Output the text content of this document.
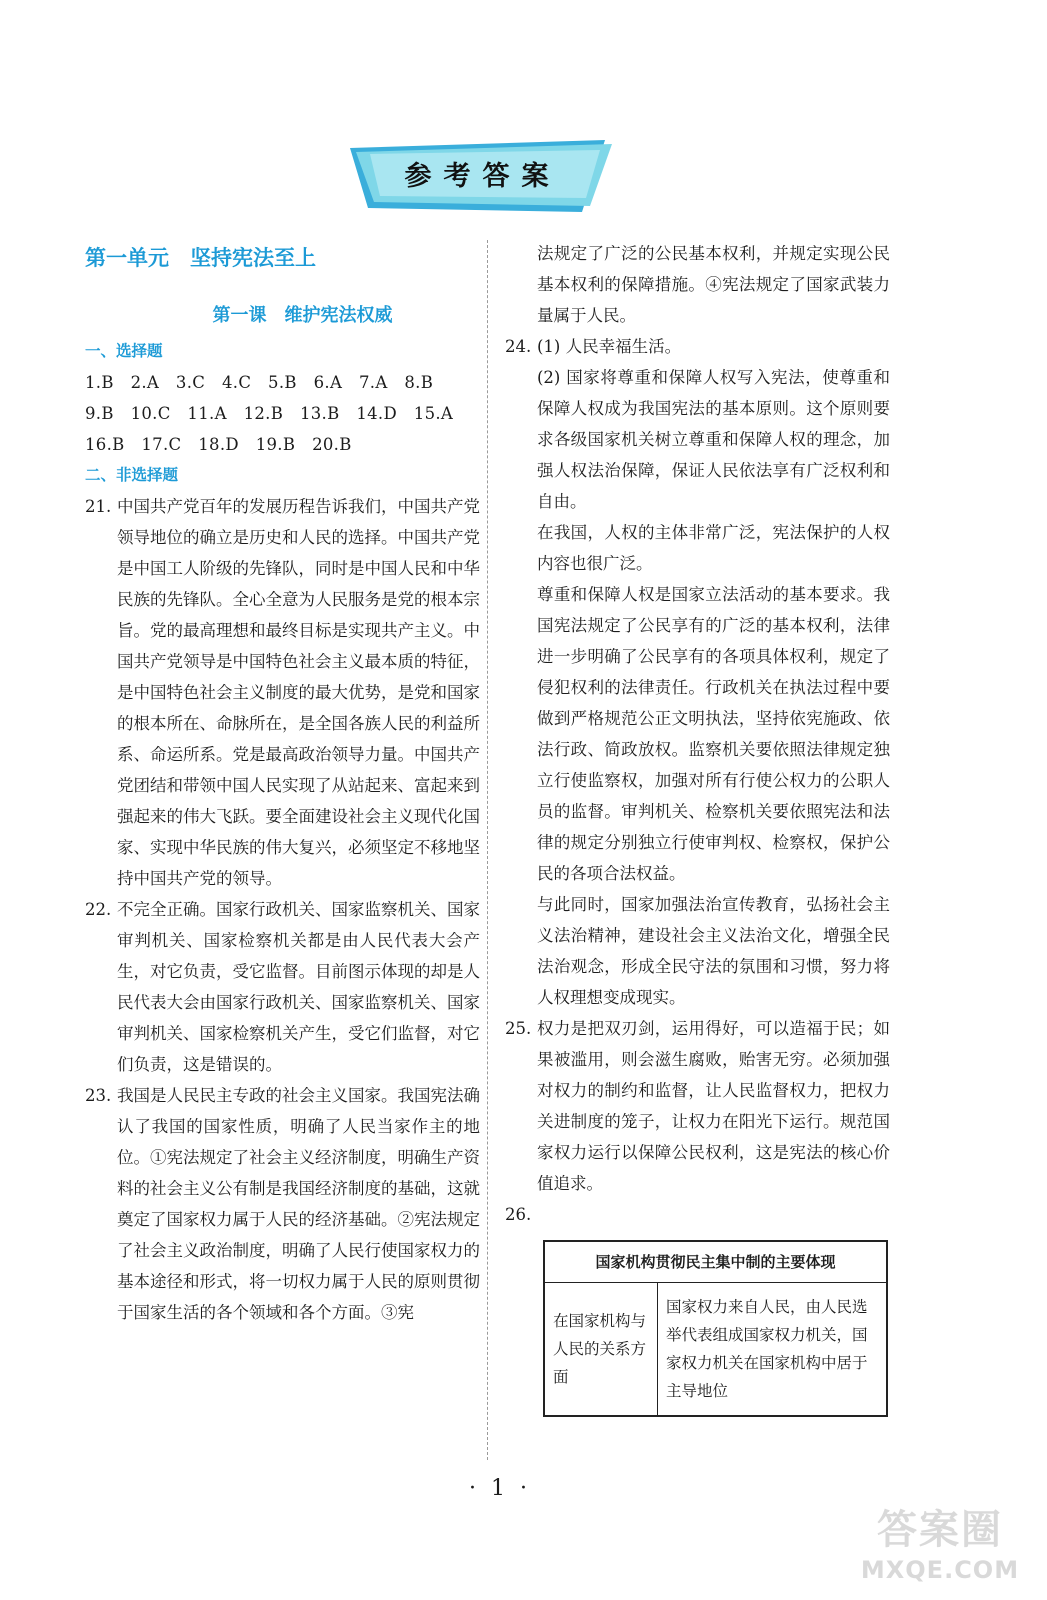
参考答案
第一单元　坚持宪法至上
第一课　维护宪法权威
一、选择题
1.B　2.A　3.C　4.C　5.B　6.A　7.A　8.B
9.B　10.C　11.A　12.B　13.B　14.D　15.A
16.B　17.C　18.D　19.B　20.B
二、非选择题
21. 中国共产党百年的发展历程告诉我们，中国共产党领导地位的确立是历史和人民的选择。中国共产党是中国工人阶级的先锋队，同时是中国人民和中华民族的先锋队。全心全意为人民服务是党的根本宗旨。党的最高理想和最终目标是实现共产主义。中国共产党领导是中国特色社会主义最本质的特征，是中国特色社会主义制度的最大优势，是党和国家的根本所在、命脉所在，是全国各族人民的利益所系、命运所系。党是最高政治领导力量。中国共产党团结和带领中国人民实现了从站起来、富起来到强起来的伟大飞跃。要全面建设社会主义现代化国家、实现中华民族的伟大复兴，必须坚定不移地坚持中国共产党的领导。

22. 不完全正确。国家行政机关、国家监察机关、国家审判机关、国家检察机关都是由人民代表大会产生，对它负责，受它监督。目前图示体现的却是人民代表大会由国家行政机关、国家监察机关、国家审判机关、国家检察机关产生，受它们监督，对它们负责，这是错误的。

23. 我国是人民民主专政的社会主义国家。我国宪法确认了我国的国家性质，明确了人民当家作主的地位。①宪法规定了社会主义经济制度，明确生产资料的社会主义公有制是我国经济制度的基础，这就奠定了国家权力属于人民的经济基础。②宪法规定了社会主义政治制度，明确了人民行使国家权力的基本途径和形式，将一切权力属于人民的原则贯彻于国家生活的各个领域和各个方面。③宪

法规定了广泛的公民基本权利，并规定实现公民基本权利的保障措施。④宪法规定了国家武装力量属于人民。

24. (1) 人民幸福生活。

(2) 国家将尊重和保障人权写入宪法，使尊重和保障人权成为我国宪法的基本原则。这个原则要求各级国家机关树立尊重和保障人权的理念，加强人权法治保障，保证人民依法享有广泛权利和自由。

在我国，人权的主体非常广泛，宪法保护的人权内容也很广泛。

尊重和保障人权是国家立法活动的基本要求。我国宪法规定了公民享有的广泛的基本权利，法律进一步明确了公民享有的各项具体权利，规定了侵犯权利的法律责任。行政机关在执法过程中要做到严格规范公正文明执法，坚持依宪施政、依法行政、简政放权。监察机关要依照法律规定独立行使监察权，加强对所有行使公权力的公职人员的监督。审判机关、检察机关要依照宪法和法律的规定分别独立行使审判权、检察权，保护公民的各项合法权益。

与此同时，国家加强法治宣传教育，弘扬社会主义法治精神，建设社会主义法治文化，增强全民法治观念，形成全民守法的氛围和习惯，努力将人权理想变成现实。

25. 权力是把双刃剑，运用得好，可以造福于民；如果被滥用，则会滋生腐败，贻害无穷。必须加强对权力的制约和监督，让人民监督权力，把权力关进制度的笼子，让权力在阳光下运行。规范国家权力运行以保障公民权利，这是宪法的核心价值追求。

26.

国家机构贯彻民主集中制的主要体现
在国家机构与人民的关系方面	国家权力来自人民，由人民选举代表组成国家权力机关，国家权力机关在国家机构中居于主导地位
· 1 ·
答案圈
MXQE.COM
